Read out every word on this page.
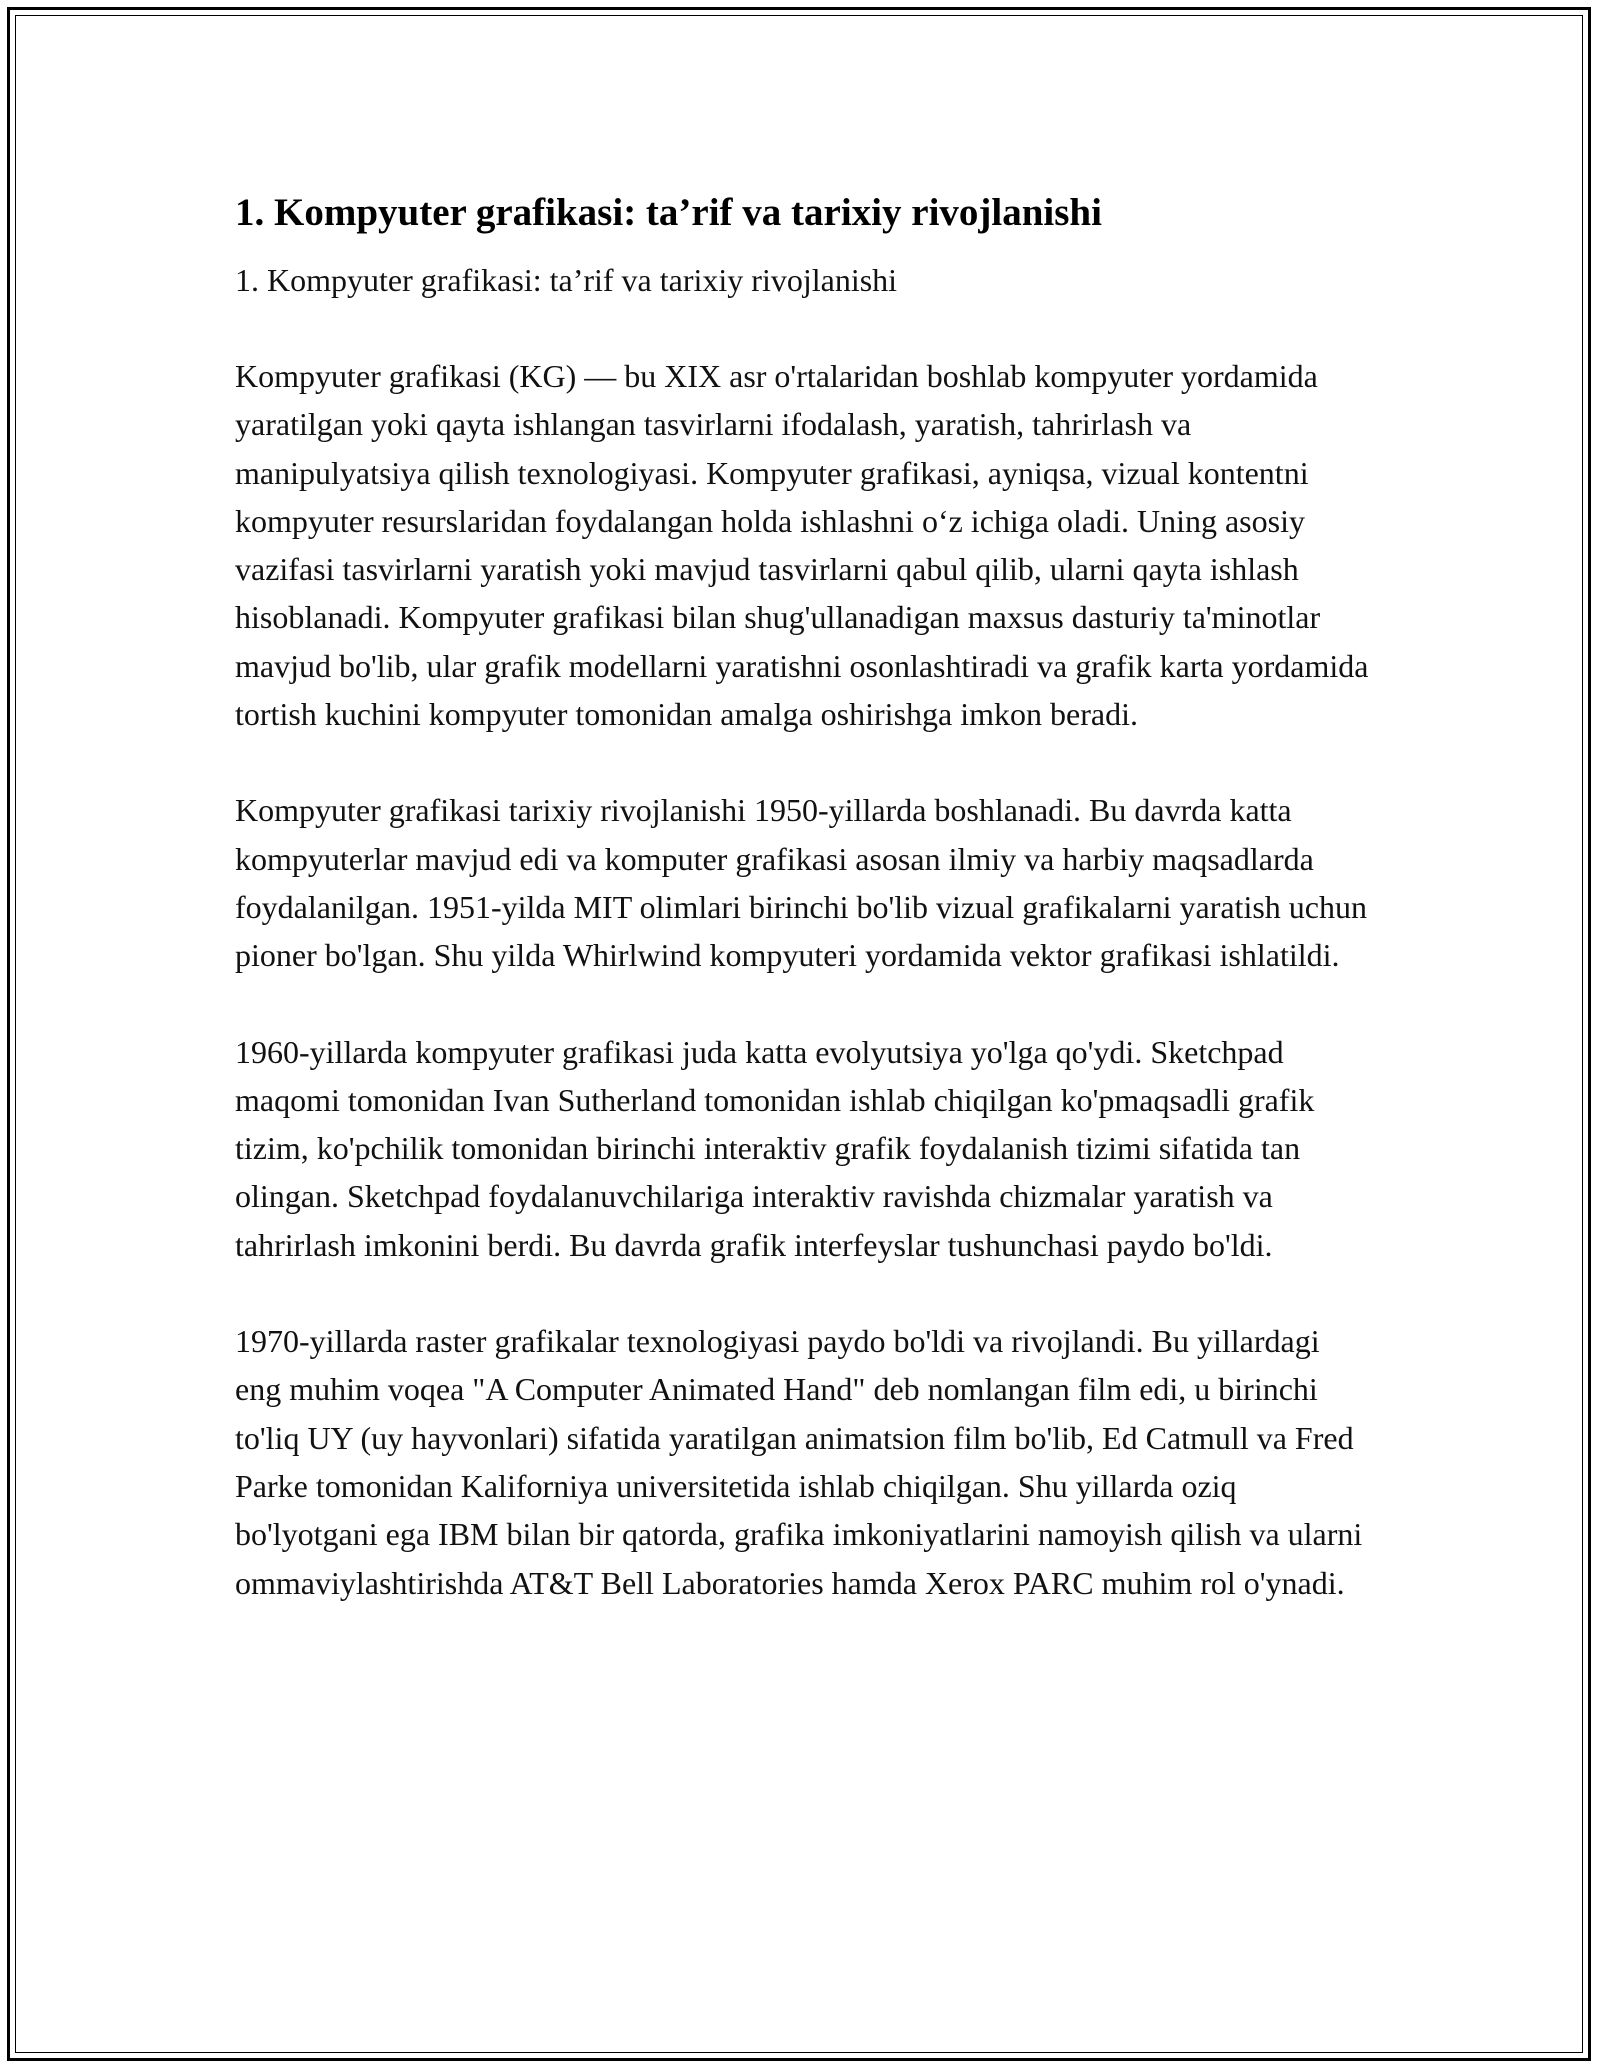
1. Kompyuter grafikasi: ta’rif va tarixiy rivojlanishi

1. Kompyuter grafikasi: ta’rif va tarixiy rivojlanishi

Kompyuter grafikasi (KG) — bu XIX asr o'rtalaridan boshlab kompyuter yordamida yaratilgan yoki qayta ishlangan tasvirlarni ifodalash, yaratish, tahrirlash va manipulyatsiya qilish texnologiyasi. Kompyuter grafikasi, ayniqsa, vizual kontentni kompyuter resurslaridan foydalangan holda ishlashni o‘z ichiga oladi. Uning asosiy vazifasi tasvirlarni yaratish yoki mavjud tasvirlarni qabul qilib, ularni qayta ishlash hisoblanadi. Kompyuter grafikasi bilan shug'ullanadigan maxsus dasturiy ta'minotlar mavjud bo'lib, ular grafik modellarni yaratishni osonlashtiradi va grafik karta yordamida tortish kuchini kompyuter tomonidan amalga oshirishga imkon beradi.

Kompyuter grafikasi tarixiy rivojlanishi 1950-yillarda boshlanadi. Bu davrda katta kompyuterlar mavjud edi va komputer grafikasi asosan ilmiy va harbiy maqsadlarda foydalanilgan. 1951-yilda MIT olimlari birinchi bo'lib vizual grafikalarni yaratish uchun pioner bo'lgan. Shu yilda Whirlwind kompyuteri yordamida vektor grafikasi ishlatildi.

1960-yillarda kompyuter grafikasi juda katta evolyutsiya yo'lga qo'ydi. Sketchpad maqomi tomonidan Ivan Sutherland tomonidan ishlab chiqilgan ko'pmaqsadli grafik tizim, ko'pchilik tomonidan birinchi interaktiv grafik foydalanish tizimi sifatida tan olingan. Sketchpad foydalanuvchilariga interaktiv ravishda chizmalar yaratish va tahrirlash imkonini berdi. Bu davrda grafik interfeyslar tushunchasi paydo bo'ldi.

1970-yillarda raster grafikalar texnologiyasi paydo bo'ldi va rivojlandi. Bu yillardagi eng muhim voqea "A Computer Animated Hand" deb nomlangan film edi, u birinchi to'liq UY (uy hayvonlari) sifatida yaratilgan animatsion film bo'lib, Ed Catmull va Fred Parke tomonidan Kaliforniya universitetida ishlab chiqilgan. Shu yillarda oziq bo'lyotgani ega IBM bilan bir qatorda, grafika imkoniyatlarini namoyish qilish va ularni ommaviylashtirishda AT&T Bell Laboratories hamda Xerox PARC muhim rol o'ynadi.
